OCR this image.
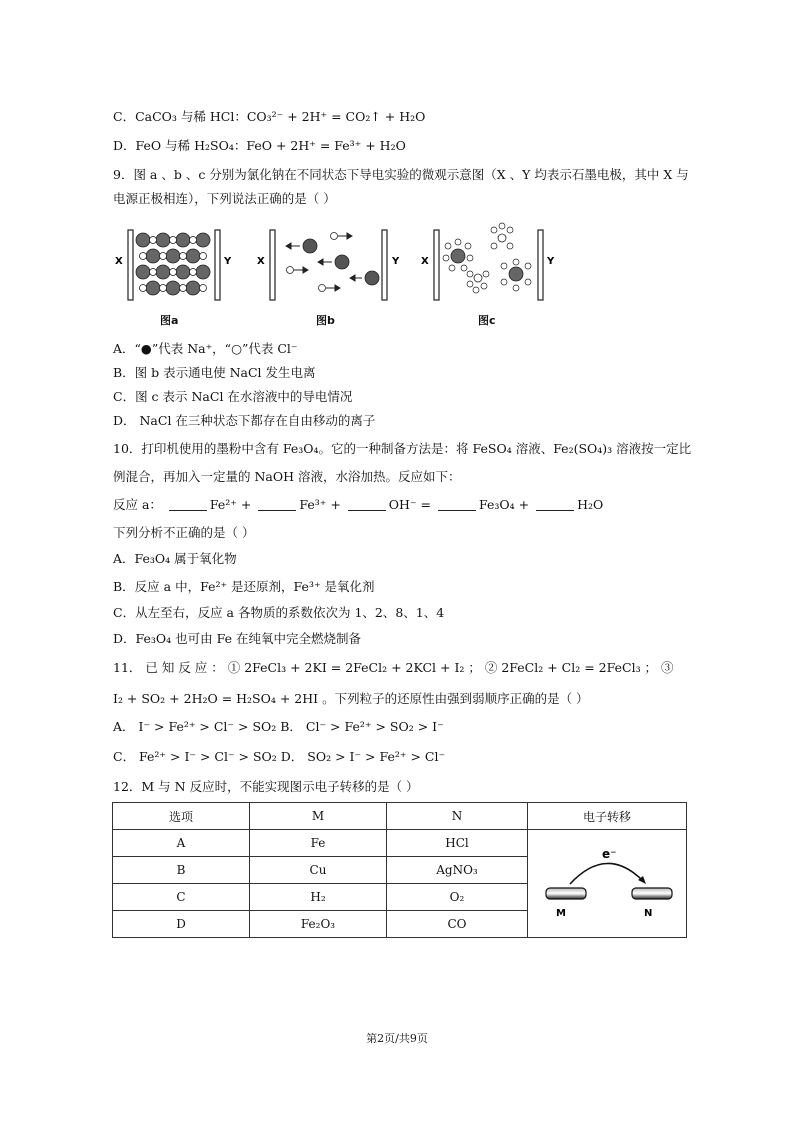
C．CaCO₃ 与稀 HCl：CO₃²⁻ + 2H⁺ = CO₂↑ + H₂O
D．FeO 与稀 H₂SO₄：FeO + 2H⁺ = Fe³⁺ + H₂O
9．图 a 、b 、c 分别为氯化钠在不同状态下导电实验的微观示意图（X 、Y 均表示石墨电极，其中 X 与
电源正极相连），下列说法正确的是（ ）
X	Y
图a
X	Y
图b
X	Y
图c
A．“●”代表 Na⁺，“○”代表 Cl⁻
B．图 b 表示通电使 NaCl 发生电离
C．图 c 表示 NaCl 在水溶液中的导电情况
D． NaCl 在三种状态下都存在自由移动的离子
10．打印机使用的墨粉中含有 Fe₃O₄。它的一种制备方法是：将 FeSO₄ 溶液、Fe₂(SO₄)₃ 溶液按一定比
例混合，再加入一定量的 NaOH 溶液，水浴加热。反应如下：
反应 a：	Fe²⁺ +	Fe³⁺ +	OH⁻ =	Fe₃O₄ +	H₂O
下列分析不正确的是（ ）
A．Fe₃O₄ 属于氧化物
B．反应 a 中，Fe²⁺ 是还原剂，Fe³⁺ 是氧化剂
C．从左至右，反应 a 各物质的系数依次为 1、2、8、1、4
D．Fe₃O₄ 也可由 Fe 在纯氧中完全燃烧制备
11． 已 知 反 应 ： ① 2FeCl₃ + 2KI = 2FeCl₂ + 2KCl + I₂ ； ② 2FeCl₂ + Cl₂ = 2FeCl₃ ； ③
I₂ + SO₂ + 2H₂O = H₂SO₄ + 2HI 。下列粒子的还原性由强到弱顺序正确的是（ ）
A． I⁻ > Fe²⁺ > Cl⁻ > SO₂ B． Cl⁻ > Fe²⁺ > SO₂ > I⁻
C． Fe²⁺ > I⁻ > Cl⁻ > SO₂ D． SO₂ > I⁻ > Fe²⁺ > Cl⁻
12．M 与 N 反应时，不能实现图示电子转移的是（ ）
选项	M	N	电子转移
A	Fe	HCl	e⁻
M N

B	Cu	AgNO₃	
C	H₂	O₂	
D	Fe₂O₃	CO	
第2页/共9页
